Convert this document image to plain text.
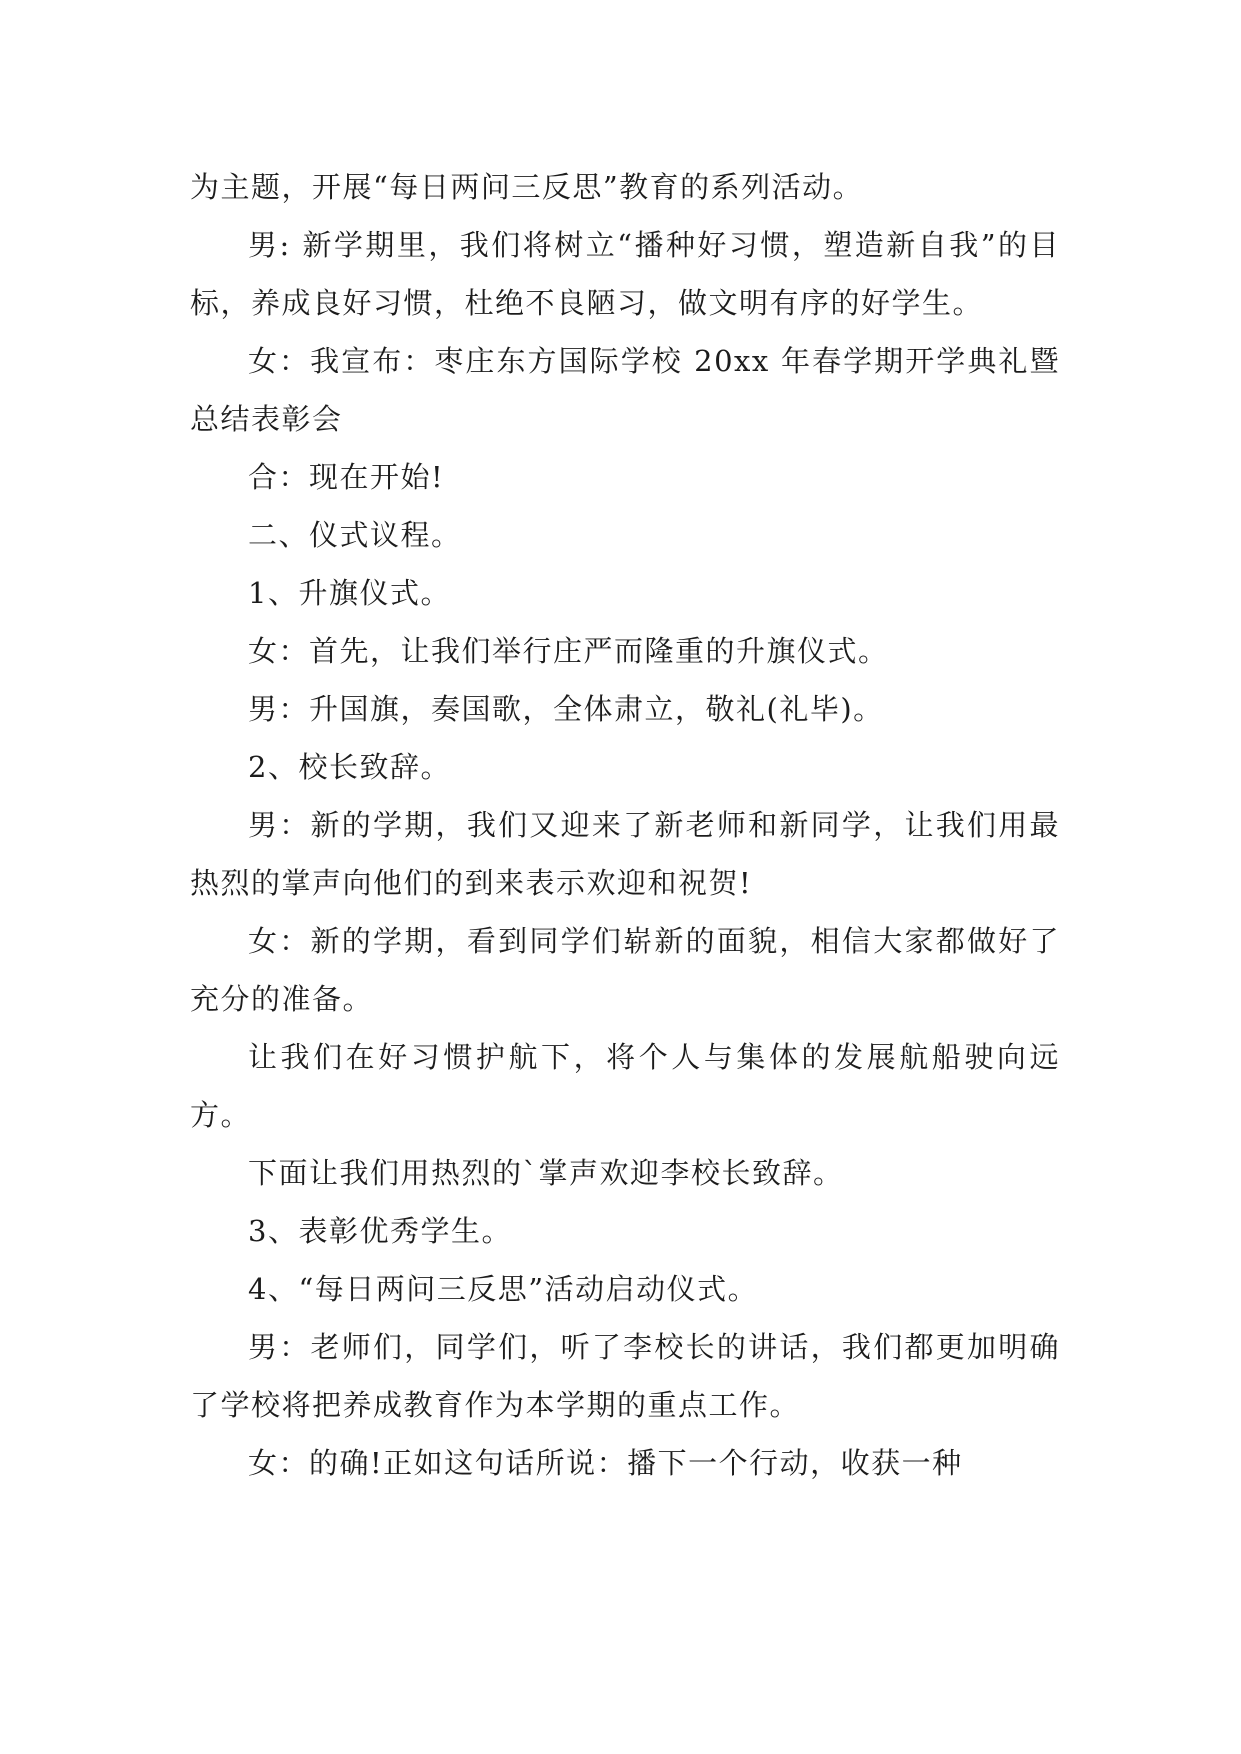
为主题，开展“每日两问三反思”教育的系列活动。

男: 新学期里，我们将树立“播种好习惯，塑造新自我”的目标，养成良好习惯，杜绝不良陋习，做文明有序的好学生。

女：我宣布：枣庄东方国际学校 20xx 年春学期开学典礼暨总结表彰会

合：现在开始!

二、仪式议程。

1、升旗仪式。

女：首先，让我们举行庄严而隆重的升旗仪式。

男：升国旗，奏国歌，全体肃立，敬礼(礼毕)。

2、校长致辞。

男：新的学期，我们又迎来了新老师和新同学，让我们用最热烈的掌声向他们的到来表示欢迎和祝贺!

女：新的学期，看到同学们崭新的面貌，相信大家都做好了充分的准备。

让我们在好习惯护航下，将个人与集体的发展航船驶向远方。

下面让我们用热烈的`掌声欢迎李校长致辞。

3、表彰优秀学生。

4、“每日两问三反思”活动启动仪式。

男：老师们，同学们，听了李校长的讲话，我们都更加明确了学校将把养成教育作为本学期的重点工作。

女：的确!正如这句话所说：播下一个行动，收获一种
